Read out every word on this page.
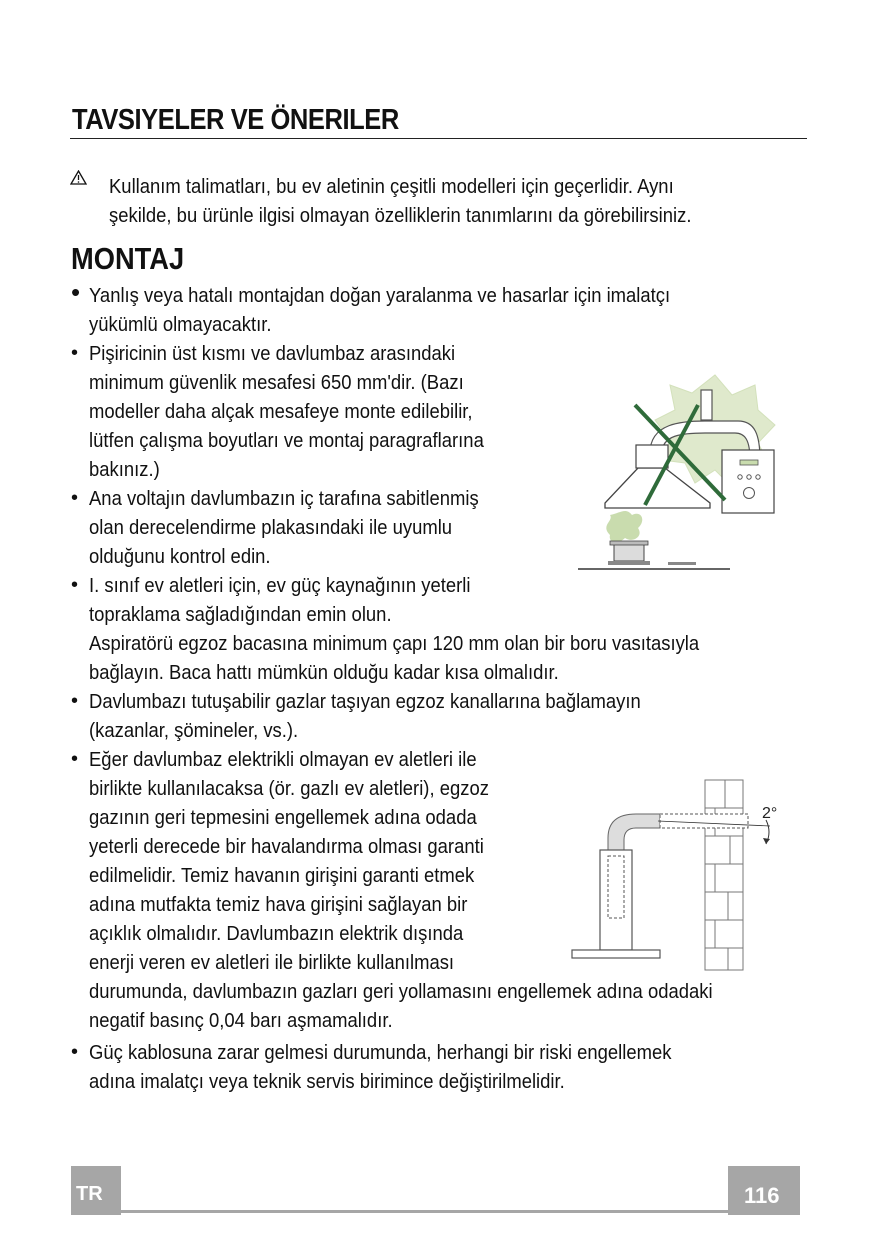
TAVSIYELER VE ÖNERILER
Kullanım talimatları, bu ev aletinin çeşitli modelleri için geçerlidir. Aynı
şekilde, bu ürünle ilgisi olmayan özelliklerin tanımlarını da görebilirsiniz.
MONTAJ
• Yanlış veya hatalı montajdan doğan yaralanma ve hasarlar için imalatçı
yükümlü olmayacaktır.
• Pişiricinin üst kısmı ve davlumbaz arasındaki
minimum güvenlik mesafesi 650 mm'dir. (Bazı
modeller daha alçak mesafeye monte edilebilir,
lütfen çalışma boyutları ve montaj paragraflarına
bakınız.)
• Ana voltajın davlumbazın iç tarafına sabitlenmiş
olan derecelendirme plakasındaki ile uyumlu
olduğunu kontrol edin.
• I. sınıf ev aletleri için, ev güç kaynağının yeterli
topraklama sağladığından emin olun.
Aspiratörü egzoz bacasına minimum çapı 120 mm olan bir boru vasıtasıyla
bağlayın. Baca hattı mümkün olduğu kadar kısa olmalıdır.
• Davlumbazı tutuşabilir gazlar taşıyan egzoz kanallarına bağlamayın
(kazanlar, şömineler, vs.).
• Eğer davlumbaz elektrikli olmayan ev aletleri ile
birlikte kullanılacaksa (ör. gazlı ev aletleri), egzoz
gazının geri tepmesini engellemek adına odada
yeterli derecede bir havalandırma olması garanti
edilmelidir. Temiz havanın girişini garanti etmek
adına mutfakta temiz hava girişini sağlayan bir
açıklık olmalıdır. Davlumbazın elektrik dışında
enerji veren ev aletleri ile birlikte kullanılması
durumunda, davlumbazın gazları geri yollamasını engellemek adına odadaki
negatif basınç 0,04 barı aşmamalıdır.
• Güç kablosuna zarar gelmesi durumunda, herhangi bir riski engellemek
adına imalatçı veya teknik servis birimince değiştirilmelidir.
2°
TR	116
